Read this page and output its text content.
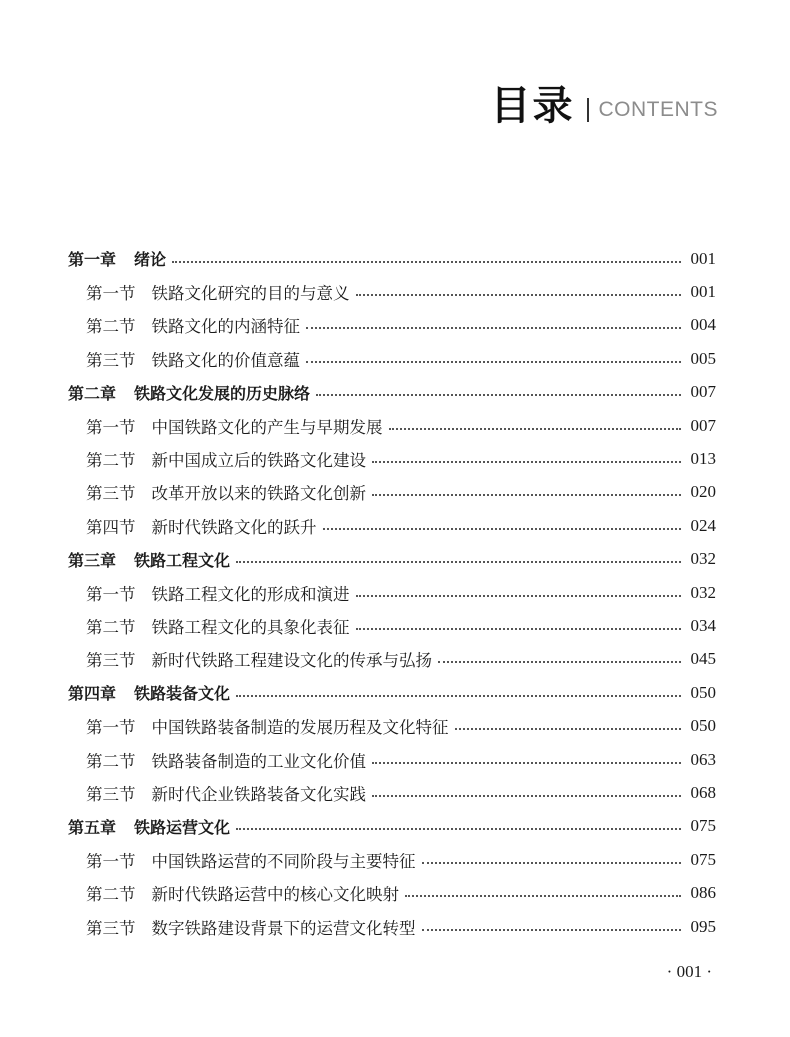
目录 CONTENTS
第一章 绪论	001
第一节 铁路文化研究的目的与意义	001
第二节 铁路文化的内涵特征	004
第三节 铁路文化的价值意蕴	005
第二章 铁路文化发展的历史脉络	007
第一节 中国铁路文化的产生与早期发展	007
第二节 新中国成立后的铁路文化建设	013
第三节 改革开放以来的铁路文化创新	020
第四节 新时代铁路文化的跃升	024
第三章 铁路工程文化	032
第一节 铁路工程文化的形成和演进	032
第二节 铁路工程文化的具象化表征	034
第三节 新时代铁路工程建设文化的传承与弘扬	045
第四章 铁路装备文化	050
第一节 中国铁路装备制造的发展历程及文化特征	050
第二节 铁路装备制造的工业文化价值	063
第三节 新时代企业铁路装备文化实践	068
第五章 铁路运营文化	075
第一节 中国铁路运营的不同阶段与主要特征	075
第二节 新时代铁路运营中的核心文化映射	086
第三节 数字铁路建设背景下的运营文化转型	095
· 001 ·
